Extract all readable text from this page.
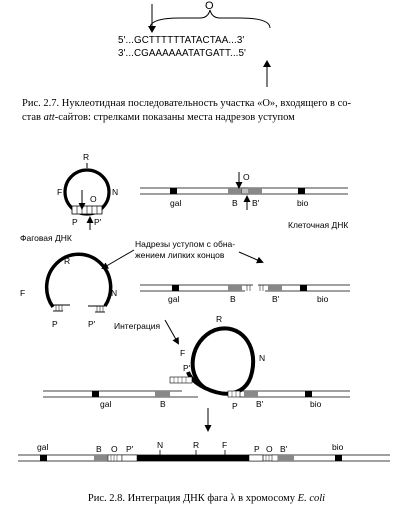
O
5'...GCTTTTTTATACTAA...3'
3'...CGAAAAAATATGATT...5'
Рис. 2.7. Нуклеотидная последовательность участка «O», входящего в со-
став att-сайтов: стрелками показаны места надрезов уступом
R
F	N
O
P P'
Фаговая ДНК
O
gal	B B'	bio
Клеточная ДНК
Надрезы уступом с обна-
жением липких концов
R
F	N
P	P'
gal	B	B'	bio
Интеграция
R
F	N
P'
gal	B	P B'	bio
gal	B O P'	N	R	F	P O B'	bio
Рис. 2.8. Интеграция ДНК фага λ в хромосому E. coli
